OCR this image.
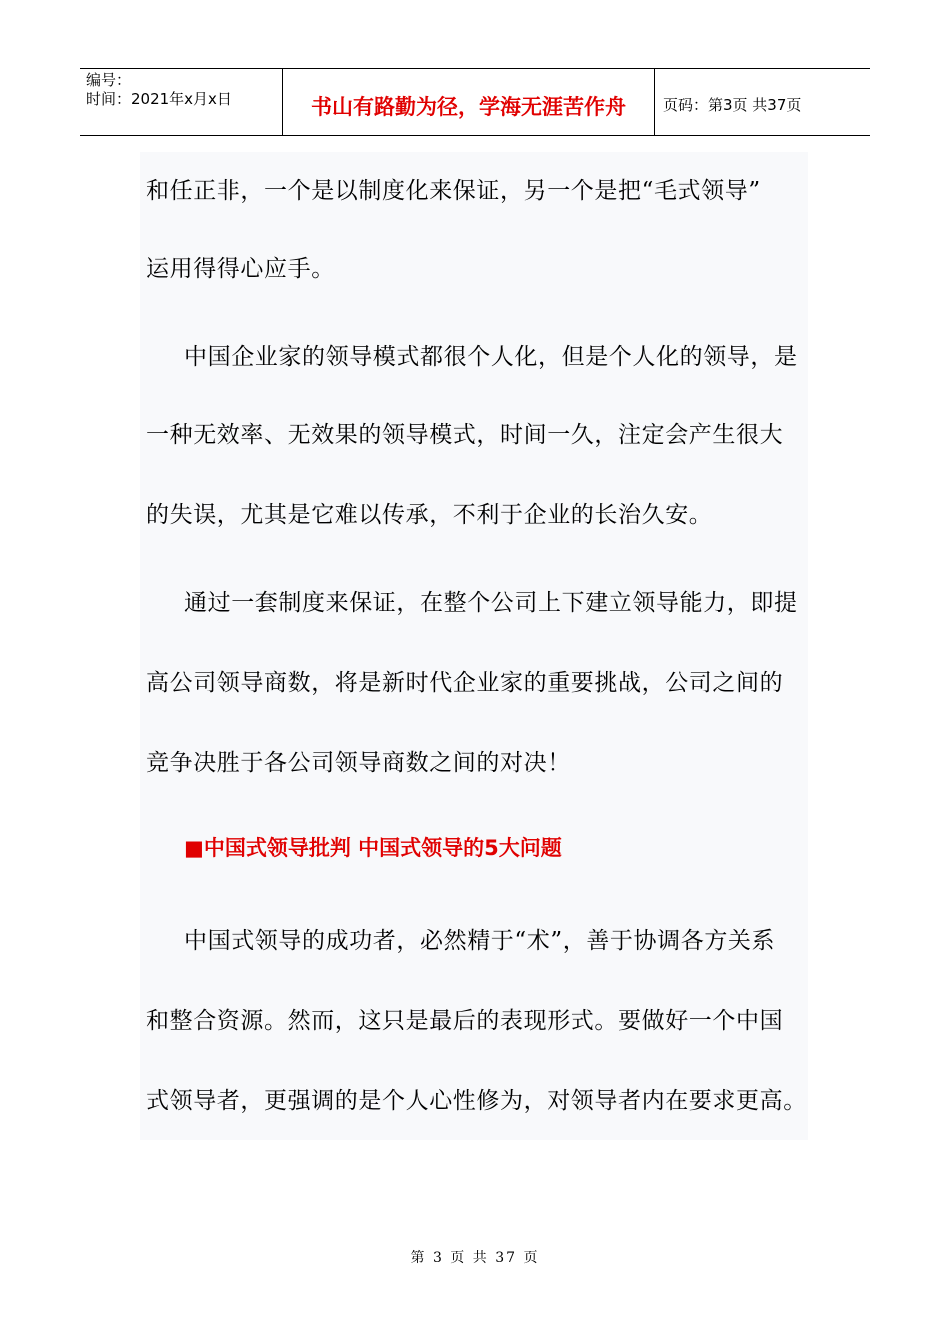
编号：
时间：2021年x月x日	书山有路勤为径，学海无涯苦作舟	页码：第3页 共37页
和任正非，一个是以制度化来保证，另一个是把“毛式领导”
运用得得心应手。
中国企业家的领导模式都很个人化，但是个人化的领导，是
一种无效率、无效果的领导模式，时间一久，注定会产生很大
的失误，尤其是它难以传承，不利于企业的长治久安。
通过一套制度来保证，在整个公司上下建立领导能力，即提
高公司领导商数，将是新时代企业家的重要挑战，公司之间的
竞争决胜于各公司领导商数之间的对决！
■中国式领导批判 中国式领导的5大问题
中国式领导的成功者，必然精于“术”，善于协调各方关系
和整合资源。然而，这只是最后的表现形式。要做好一个中国
式领导者，更强调的是个人心性修为，对领导者内在要求更高。
第 3 页 共 37 页
